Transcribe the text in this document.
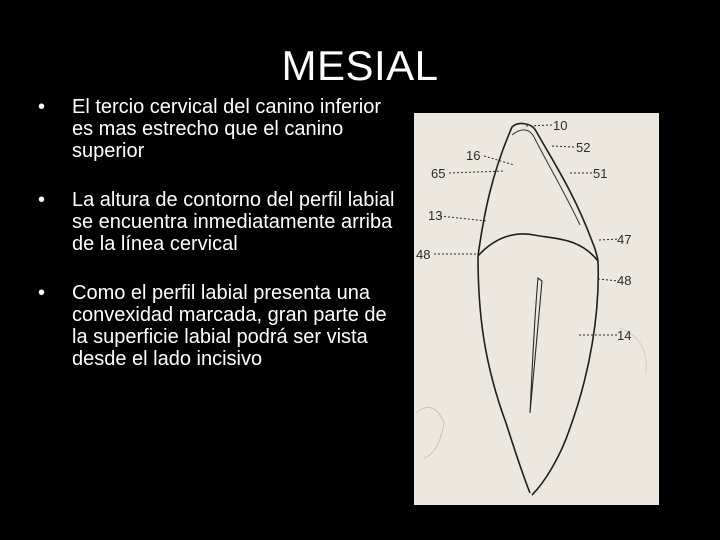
MESIAL
• El tercio cervical del canino inferior es mas estrecho que el canino superior
• La altura de contorno del perfil labial se encuentra inmediatamente arriba de la línea cervical
• Como el perfil labial presenta una convexidad marcada, gran parte de la superficie labial podrá ser vista desde el lado incisivo
10
52
16
65	51
13
47
48
48
14
